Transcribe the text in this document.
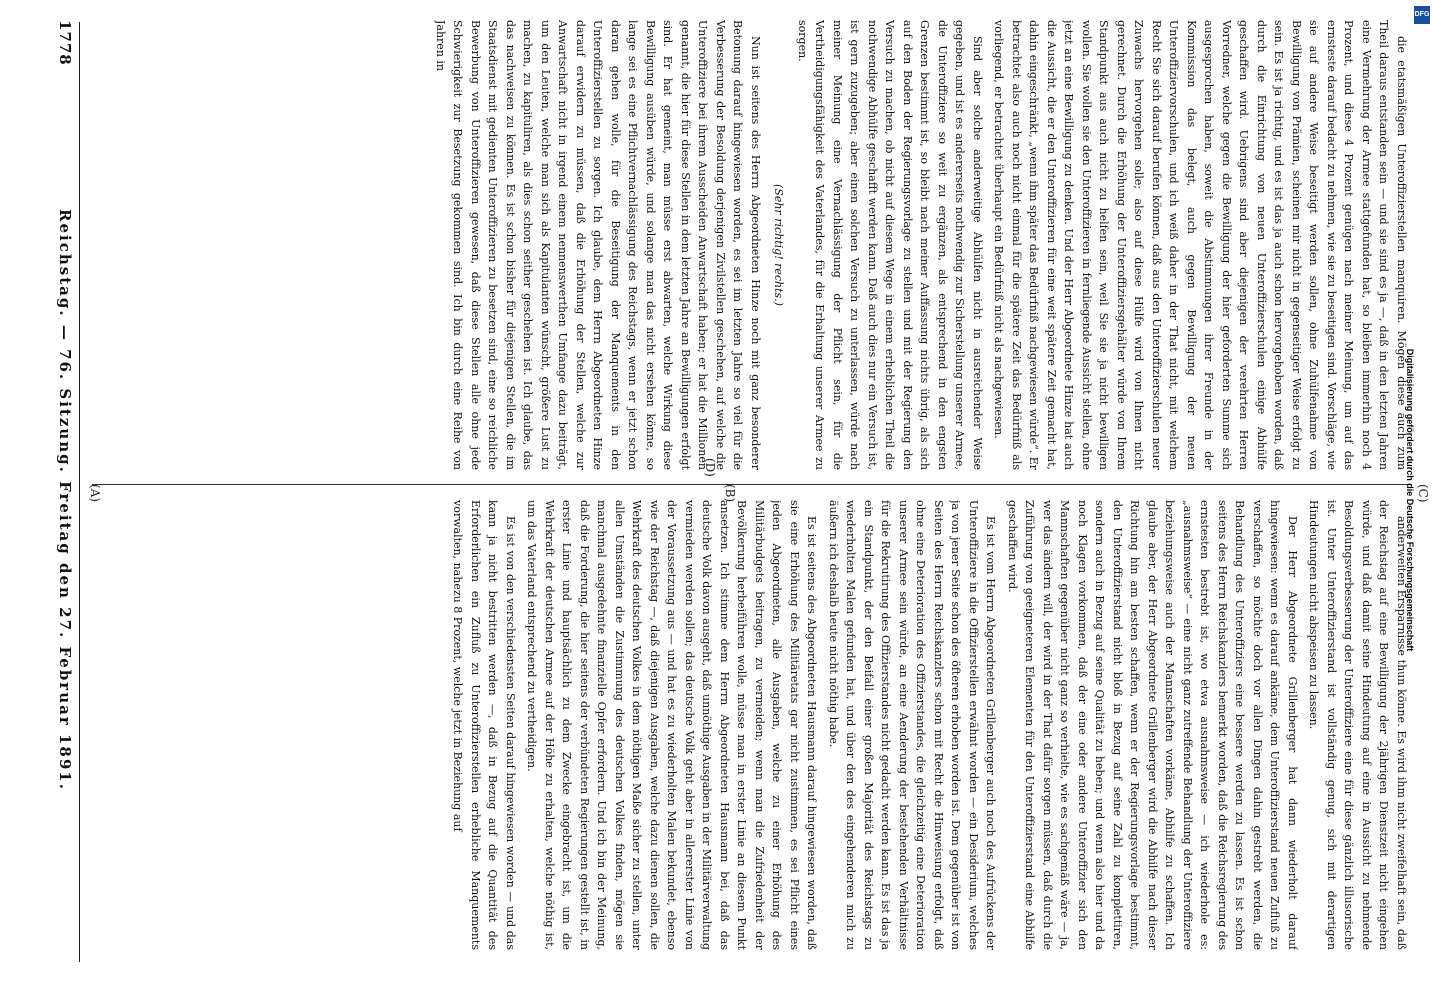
1778
Reichstag. — 76. Sitzung. Freitag den 27. Februar 1891. (A)	(B)	(C)
(D)

anderweiten Ersparnisse thun könne. Es wird ihm nicht zweifelhaft sein, daß der Reichstag auf eine Bewilligung der 2jährigen Dienstzeit nicht eingehen würde, und daß damit seine Hindeutung auf eine in Aussicht zu nehmende Besoldungsverbesserung der Unteroffiziere eine für diese gänzlich illusorische ist. Unter Unteroffizierstand ist vollständig genug, sich mit derartigen Hindeutungen nicht abspeisen zu lassen.

Der Herr Abgeordnete Grillenberger hat dann wiederholt darauf hingewiesen: wenn es darauf ankäme, dem Unteroffizierstand neuen Zufluß zu verschaffen, so möchte doch vor allen Dingen dahin gestrebt werden, die Behandlung des Unteroffiziers eine bessere werden zu lassen. Es ist schon seitens des Herrn Reichskanzlers bemerkt worden, daß die Reichsregierung des ernstesten bestrebt ist, wo etwa ausnahmsweise — ich wiederhole es: „ausnahmsweise“ — eine nicht ganz zutreffende Behandlung der Unteroffiziere beziehungsweise auch der Mannschaften vorkäme, Abhilfe zu schaffen. Ich glaube aber, der Herr Abgeordnete Grillenberger wird die Abhilfe nach dieser Richtung hin am besten schaffen, wenn er der Regierungsvorlage bestimmt, den Unteroffizierstand nicht bloß in Bezug auf seine Zahl zu komplettiren, sondern auch in Bezug auf seine Qualität zu heben; und wenn also hier und da noch Klagen vorkommen, daß der eine oder andere Unteroffizier sich den Mannschaften gegenüber nicht ganz so verhielte, wie es sachgemäß wäre — ja, wer das ändern will, der wird in der That dafür sorgen müssen, daß durch die Zuführung von geeigneteren Elementen für den Unteroffizierstand eine Abhilfe geschaffen wird.

Es ist vom Herrn Abgeordneten Grillenberger auch noch des Aufrückens der Unteroffiziere in die Offizierstellen erwähnt worden — ein Desiderium, welches ja von jener Seite schon des öfteren erhoben worden ist. Dem gegenüber ist von Seiten des Herrn Reichskanzlers schon mit Recht die Hinweisung erfolgt, daß ohne eine Deterioration des Offizierstandes, die gleichzeitig eine Deterioration unserer Armee sein würde, an eine Aenderung der bestehenden Verhältnisse für die Rekrutirung des Offizierstandes nicht gedacht werden kann. Es ist das ja ein Standpunkt, der den Beifall einer großen Majorität des Reichstags zu wiederholten Malen gefunden hat, und über den des eingehenderen mich zu äußern ich deshalb heute nicht nöthig habe.

Es ist seitens des Abgeordneten Hausmann darauf hingewiesen worden, daß sie eine Erhöhung des Militäretats gar nicht zustimmen, es sei Pflicht eines jeden Abgeordneten, alle Ausgaben, welche zu einer Erhöhung des Militärbudgets beitragen, zu vermeiden; wenn man die Zufriedenheit der Bevölkerung herbeiführen wolle, müsse man in erster Linie an diesem Punkt ansetzen. Ich stimme dem Herrn Abgeordneten Hausmann bei, daß das deutsche Volk davon ausgeht, daß unnöthige Ausgaben in der Militärverwaltung vermieden werden sollen; das deutsche Volk geht aber in allererster Linie von der Voraussetzung aus — und hat es zu wiederholten Malen bekundet, ebenso wie der Reichstag —, daß diejenigen Ausgaben, welche dazu dienen sollen, die Wehrkraft des deutschen Volkes in dem nöthigen Maße sicher zu stellen, unter allen Umständen die Zustimmung des deutschen Volkes finden, mögen sie manchmal ausgedehnte finanzielle Opfer erfordern. Und ich bin der Meinung, daß die Forderung, die hier seitens der verbündeten Regierungen gestellt ist, in erster Linie und hauptsächlich zu dem Zwecke eingebracht ist, um die Wehrkraft der deutschen Armee auf der Höhe zu erhalten, welche nöthig ist, um das Vaterland entsprechend zu vertheidigen.

Es ist von den verschiedensten Seiten darauf hingewiesen worden — und das kann ja nicht bestritten werden —, daß in Bezug auf die Quantität des Erforderlichen ein Zufluß zu Unteroffizierstellen erhebliche Manquements vorwalten, nahezu 8 Prozent, welche jetzt in Beziehung auf

die etatsmäßigen Unteroffizierstellen manquiren. Mögen diese auch zum Theil daraus entstanden sein — und sie sind es ja —, daß in den letzten Jahren eine Vermehrung der Armee stattgefunden hat, so bleiben immerhin noch 4 Prozent, und diese 4 Prozent genügen nach meiner Meinung, um auf das ernsteste darauf bedacht zu nehmen, wie sie zu beseitigen sind. Vorschläge, wie sie auf andere Weise beseitigt werden sollen, ohne Zuhülfenahme von Bewilligung von Prämien, scheinen mir nicht in gegenseitiger Weise erfolgt zu sein. Es ist ja richtig, und es ist das ja auch schon hervorgehoben worden, daß durch die Einrichtung von neuen Unteroffizierschulen einige Abhülfe geschaffen wird. Uebrigens sind aber diejenigen der verehrten Herren Vorredner, welche gegen die Bewilligung der hier geforderten Summe sich ausgesprochen haben, soweit die Abstimmungen ihrer Freunde in der Kommission das belegt, auch gegen Bewilligung der neuen Unteroffiziervorschulen, und ich weiß daher in der That nicht, mit welchem Recht Sie sich darauf berufen können, daß aus den Unteroffizierschulen neuer Zuwachs hervorgehen solle; also auf diese Hülfe wird von Ihnen nicht gerechnet. Durch die Erhöhung der Unteroffiziersgehälter würde von Ihrem Standpunkt aus auch nicht zu helfen sein, weil Sie sie ja nicht bewilligen wollen. Sie wollen sie den Unteroffizieren in fernliegende Aussicht stellen, ohne jetzt an eine Bewilligung zu denken. Und der Herr Abgeordnete Hinze hat auch die Aussicht, die er den Unteroffizieren für eine weit spätere Zeit gemacht hat, dahin eingeschränkt, „wenn ihm später das Bedürfniß nachgewiesen würde“. Er betrachtet also auch noch nicht einmal für die spätere Zeit das Bedürfniß als vorliegend, er betrachtet überhaupt ein Bedürfniß nicht als nachgewiesen.

Sind aber solche anderweitige Abhülfen nicht in ausreichender Weise gegeben, und ist es andererseits nothwendig zur Sicherstellung unserer Armee, die Unteroffiziere so weit zu ergänzen, als entsprechend in den engsten Grenzen bestimmt ist, so bleibt nach meiner Auffassung nichts übrig, als sich auf den Boden der Regierungsvorlage zu stellen und mit der Regierung den Versuch zu machen, ob nicht auf diesem Wege in einem erheblichen Theil die nothwendige Abhülfe geschafft werden kann. Daß auch dies nur ein Versuch ist, ist gern zuzugeben; aber einen solchen Versuch zu unterlassen, würde nach meiner Meinung eine Vernachlässigung der Pflicht sein, für die Vertheidigungsfähigkeit des Vaterlandes, für die Erhaltung unserer Armee zu sorgen.

(Sehr richtig! rechts.)

Nun ist seitens des Herrn Abgeordneten Hinze noch mit ganz besonderer Betonung darauf hingewiesen worden, es sei im letzten Jahre so viel für die Verbesserung der Besoldung derjenigen Zivilstellen geschehen, auf welche die Unteroffiziere bei ihrem Ausscheiden Anwartschaft haben; er hat die Millionen genannt, die hier für diese Stellen in dem letzten Jahre an Bewilligungen erfolgt sind. Er hat gemeint, man müsse erst abwarten, welche Wirkung diese Bewilligung ausüben würde, und solange man das nicht ersehen könne, so lange sei es eine Pflichtvernachlässigung des Reichstags, wenn er jetzt schon daran gehen wolle, für die Beseitigung der Manquements in den Unteroffizierstellen zu sorgen. Ich glaube, dem Herrn Abgeordneten Hinze darauf erwidern zu müssen, daß die Erhöhung der Stellen, welche zur Anwartschaft nicht in irgend einem nennenswerthen Umfange dazu beiträgt, um den Leuten, welche man sich als Kapitulanten wünscht, größere Lust zu machen, zu kapituliren, als dies schon seither geschehen ist. Ich glaube, das das nachweisen zu können. Es ist schon bisher für diejenigen Stellen, die im Staatsdienst mit gedienten Unteroffizieren zu besetzen sind, eine so reichliche Bewerbung von Unteroffizieren gewesen, daß diese Stellen alle ohne jede Schwierigkeit zur Besetzung gekommen sind. Ich bin durch eine Reihe von Jahren in

DFG
Digitalisierung gefördert durch die Deutsche Forschungsgemeinschaft
